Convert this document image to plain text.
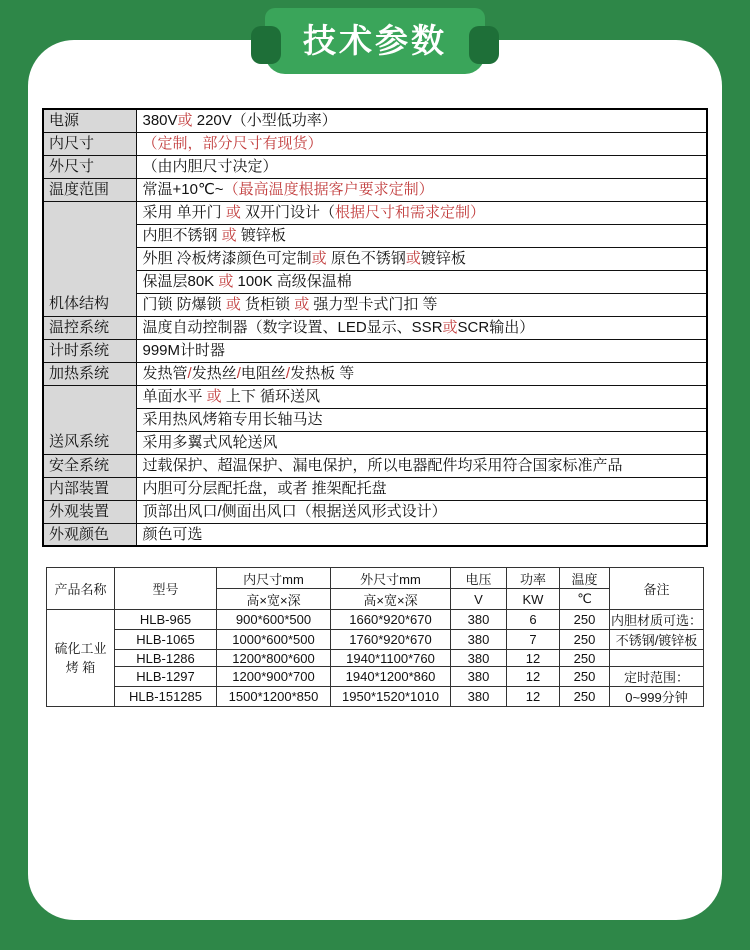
技术参数
电源	380V或 220V（小型低功率）
内尺寸	（定制，部分尺寸有现货）
外尺寸	（由内胆尺寸决定）
温度范围	常温+10℃~（最高温度根据客户要求定制）
机体结构	采用 单开门 或 双开门设计（根据尺寸和需求定制）
	内胆不锈钢 或 镀锌板
	外胆 冷板烤漆颜色可定制或 原色不锈钢或镀锌板
	保温层80K 或 100K 高级保温棉
	门锁 防爆锁 或 货柜锁 或 强力型卡式门扣 等
温控系统	温度自动控制器（数字设置、LED显示、SSR或SCR输出）
计时系统	999M计时器
加热系统	发热管/发热丝/电阻丝/发热板 等
送风系统	单面水平 或 上下 循环送风
	采用热风烤箱专用长轴马达
	采用多翼式风轮送风
安全系统	过载保护、超温保护、漏电保护，所以电器配件均采用符合国家标准产品
内部装置	内胆可分层配托盘，或者 推架配托盘
外观装置	顶部出风口/侧面出风口（根据送风形式设计）
外观颜色	颜色可选
产品名称	型号	内尺寸mm	外尺寸mm	电压	功率	温度	备注
		高×宽×深	高×宽×深	V	KW	℃	
硫化工业
烤 箱	HLB-965	900*600*500	1660*920*670	380	6	250	内胆材质可选：
	HLB-1065	1000*600*500	1760*920*670	380	7	250	不锈钢/镀锌板
	HLB-1286	1200*800*600	1940*1100*760	380	12	250	
	HLB-1297	1200*900*700	1940*1200*860	380	12	250	定时范围：
	HLB-151285	1500*1200*850	1950*1520*1010	380	12	250	0~999分钟
